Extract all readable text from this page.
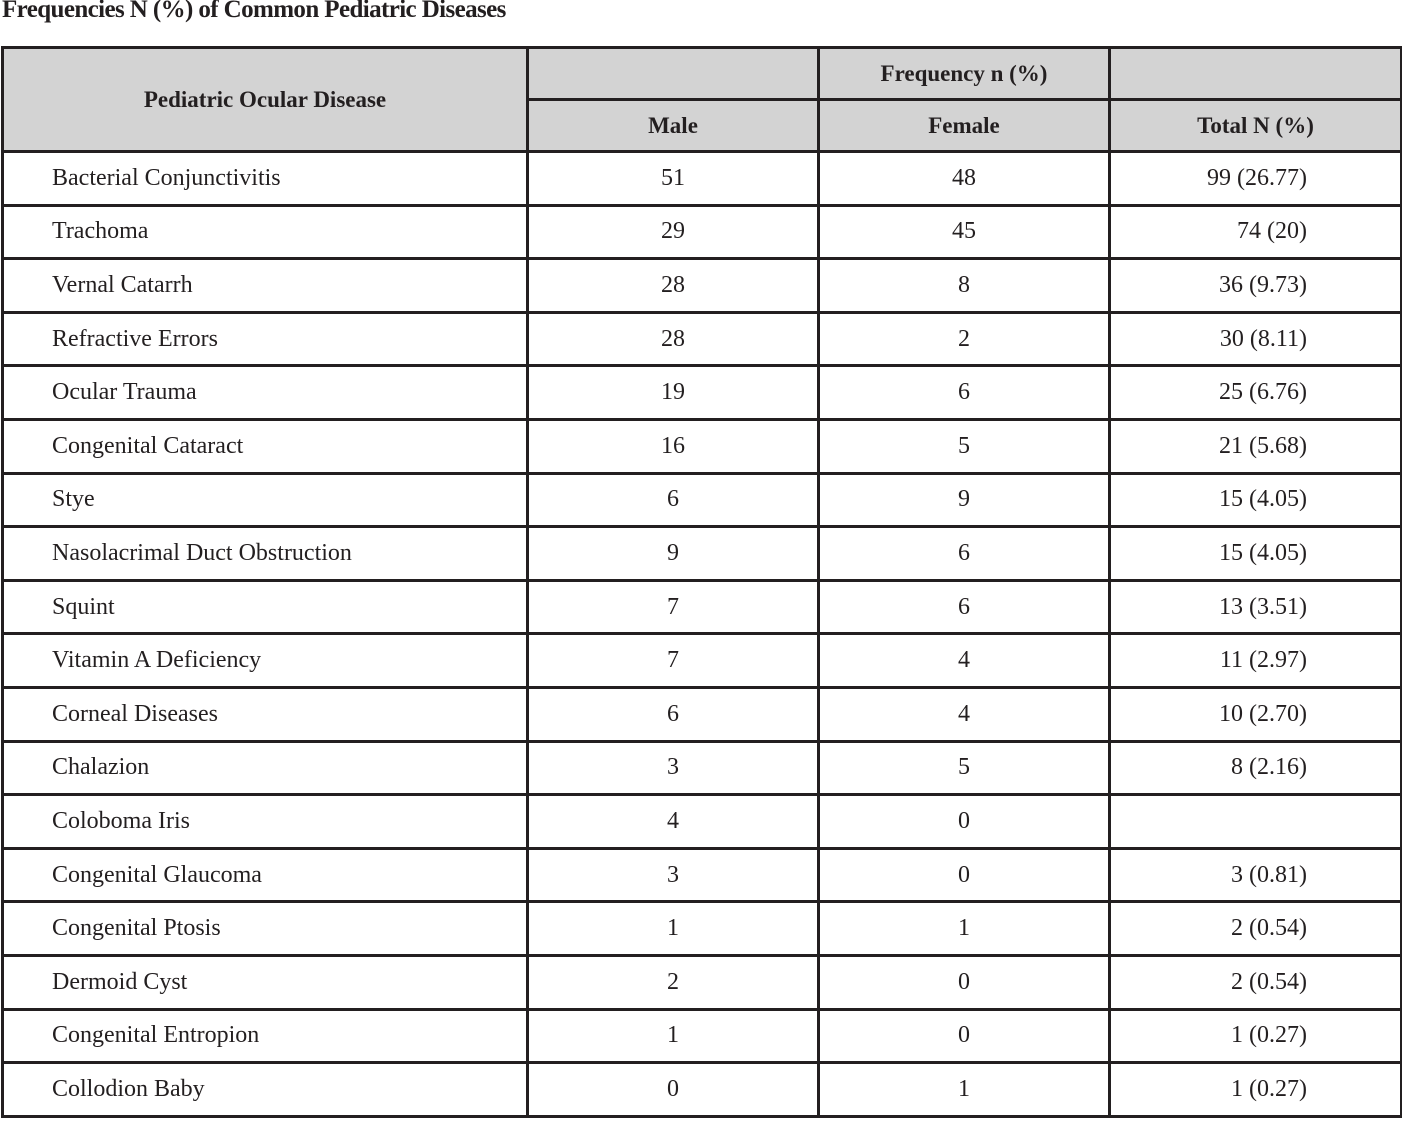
Frequencies N (%) of Common Pediatric Diseases
Pediatric Ocular Disease		Frequency n (%)	
	Male	Female	Total N (%)
Bacterial Conjunctivitis	51	48	99 (26.77)
Trachoma	29	45	74 (20)
Vernal Catarrh	28	8	36 (9.73)
Refractive Errors	28	2	30 (8.11)
Ocular Trauma	19	6	25 (6.76)
Congenital Cataract	16	5	21 (5.68)
Stye	6	9	15 (4.05)
Nasolacrimal Duct Obstruction	9	6	15 (4.05)
Squint	7	6	13 (3.51)
Vitamin A Deficiency	7	4	11 (2.97)
Corneal Diseases	6	4	10 (2.70)
Chalazion	3	5	8 (2.16)
Coloboma Iris	4	0	
Congenital Glaucoma	3	0	3 (0.81)
Congenital Ptosis	1	1	2 (0.54)
Dermoid Cyst	2	0	2 (0.54)
Congenital Entropion	1	0	1 (0.27)
Collodion Baby	0	1	1 (0.27)
